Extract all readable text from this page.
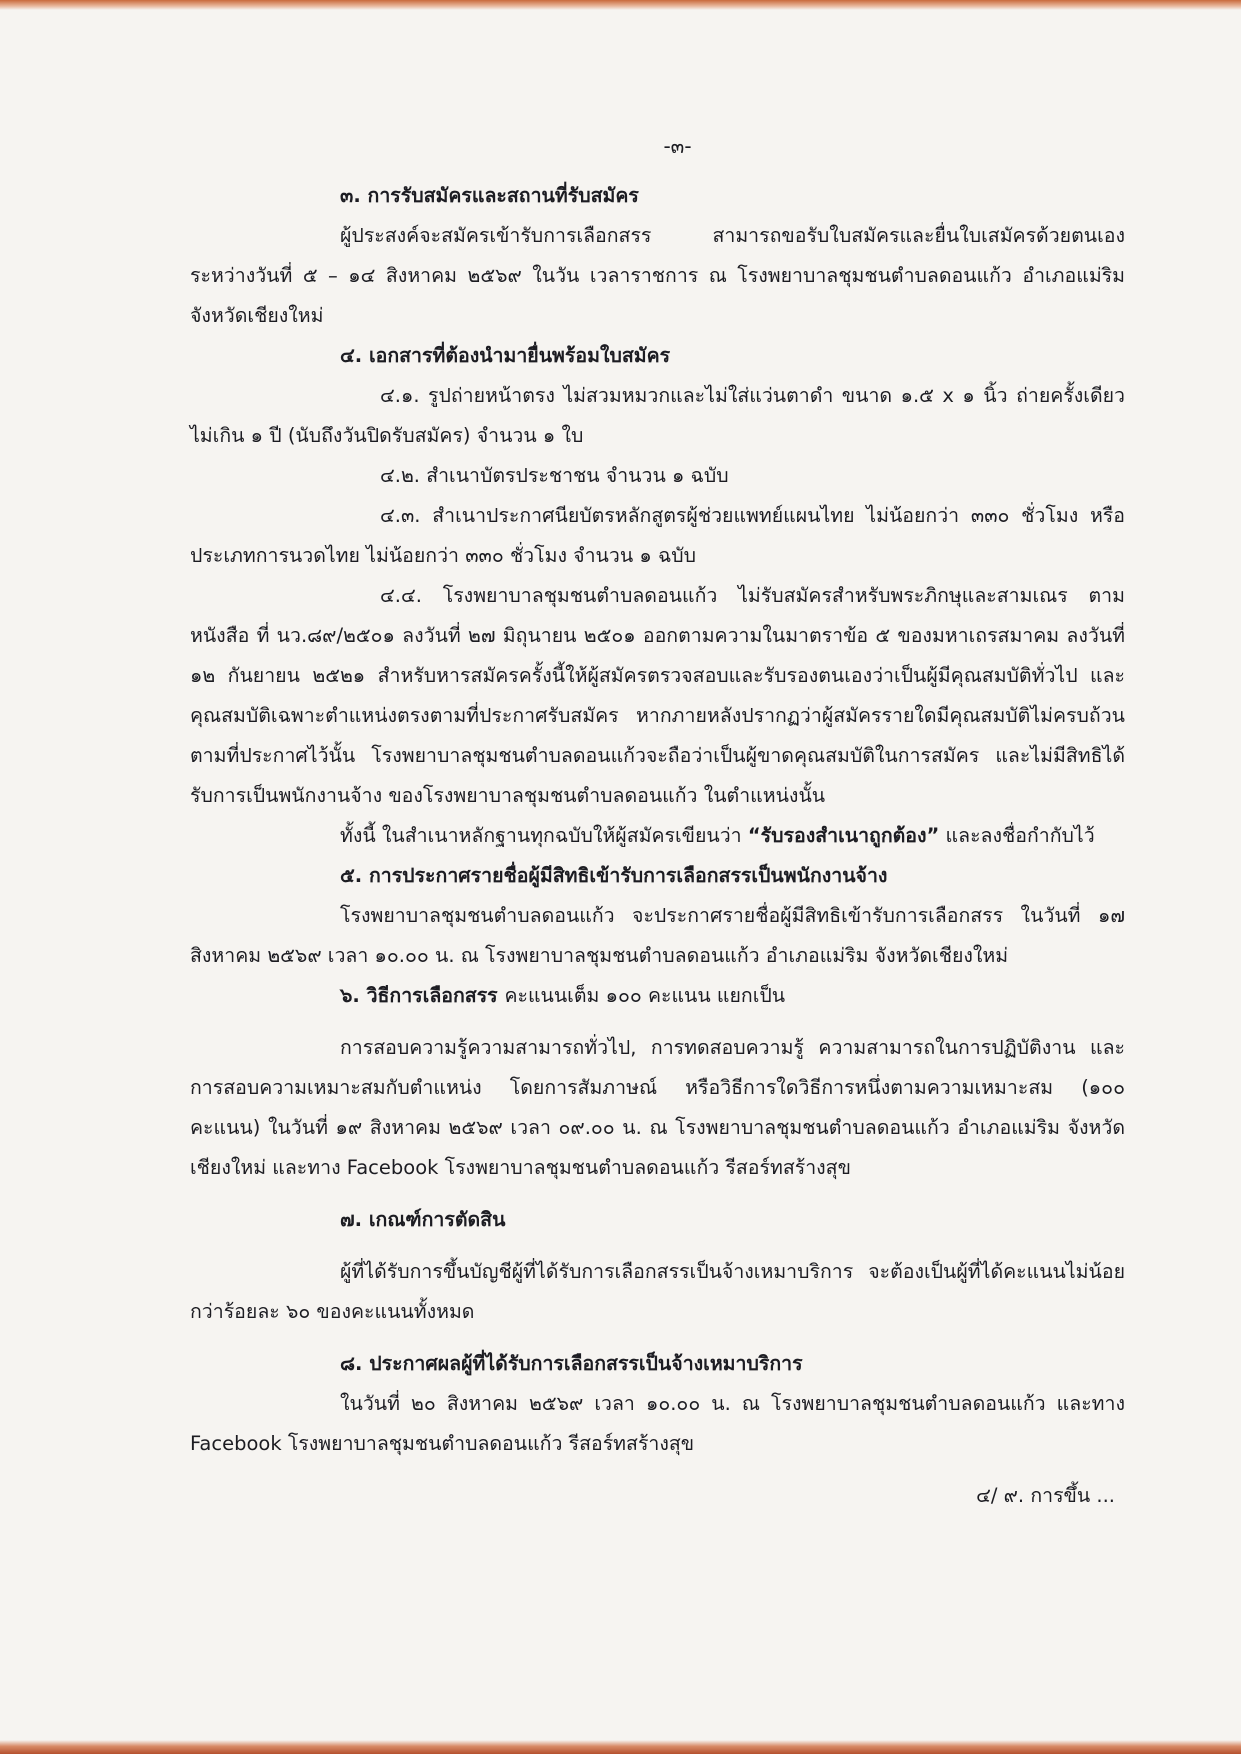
-๓-

๓. การรับสมัครและสถานที่รับสมัคร

ผู้ประสงค์จะสมัครเข้ารับการเลือกสรร สามารถขอรับใบสมัครและยื่นใบเสมัครด้วยตนเอง ระหว่างวันที่ ๕ – ๑๔ สิงหาคม ๒๕๖๙ ในวัน เวลาราชการ ณ โรงพยาบาลชุมชนตำบลดอนแก้ว อำเภอแม่ริม จังหวัดเชียงใหม่

๔. เอกสารที่ต้องนำมายื่นพร้อมใบสมัคร

๔.๑. รูปถ่ายหน้าตรง ไม่สวมหมวกและไม่ใส่แว่นตาดำ ขนาด ๑.๕ x ๑ นิ้ว ถ่ายครั้งเดียว ไม่เกิน ๑ ปี (นับถึงวันปิดรับสมัคร) จำนวน ๑ ใบ

๔.๒. สำเนาบัตรประชาชน จำนวน ๑ ฉบับ

๔.๓. สำเนาประกาศนียบัตรหลักสูตรผู้ช่วยแพทย์แผนไทย ไม่น้อยกว่า ๓๓๐ ชั่วโมง หรือประเภทการนวดไทย ไม่น้อยกว่า ๓๓๐ ชั่วโมง จำนวน ๑ ฉบับ

๔.๔. โรงพยาบาลชุมชนตำบลดอนแก้ว ไม่รับสมัครสำหรับพระภิกษุและสามเณร ตามหนังสือ ที่ นว.๘๙/๒๕๐๑ ลงวันที่ ๒๗ มิถุนายน ๒๕๐๑ ออกตามความในมาตราข้อ ๕ ของมหาเถรสมาคม ลงวันที่ ๑๒ กันยายน ๒๕๒๑ สำหรับหารสมัครครั้งนี้ให้ผู้สมัครตรวจสอบและรับรองตนเองว่าเป็นผู้มีคุณสมบัติทั่วไป และคุณสมบัติเฉพาะตำแหน่งตรงตามที่ประกาศรับสมัคร หากภายหลังปรากฏว่าผู้สมัครรายใดมีคุณสมบัติไม่ครบถ้วนตามที่ประกาศไว้นั้น โรงพยาบาลชุมชนตำบลดอนแก้วจะถือว่าเป็นผู้ขาดคุณสมบัติในการสมัคร และไม่มีสิทธิได้รับการเป็นพนักงานจ้าง ของโรงพยาบาลชุมชนตำบลดอนแก้ว ในตำแหน่งนั้น

ทั้งนี้ ในสำเนาหลักฐานทุกฉบับให้ผู้สมัครเขียนว่า “รับรองสำเนาถูกต้อง” และลงชื่อกำกับไว้

๕. การประกาศรายชื่อผู้มีสิทธิเข้ารับการเลือกสรรเป็นพนักงานจ้าง

โรงพยาบาลชุมชนตำบลดอนแก้ว จะประกาศรายชื่อผู้มีสิทธิเข้ารับการเลือกสรร ในวันที่ ๑๗ สิงหาคม ๒๕๖๙ เวลา ๑๐.๐๐ น. ณ โรงพยาบาลชุมชนตำบลดอนแก้ว อำเภอแม่ริม จังหวัดเชียงใหม่

๖. วิธีการเลือกสรร คะแนนเต็ม ๑๐๐ คะแนน แยกเป็น

การสอบความรู้ความสามารถทั่วไป, การทดสอบความรู้ ความสามารถในการปฏิบัติงาน และการสอบความเหมาะสมกับตำแหน่ง โดยการสัมภาษณ์ หรือวิธีการใดวิธีการหนึ่งตามความเหมาะสม (๑๐๐ คะแนน) ในวันที่ ๑๙ สิงหาคม ๒๕๖๙ เวลา ๐๙.๐๐ น. ณ โรงพยาบาลชุมชนตำบลดอนแก้ว อำเภอแม่ริม จังหวัดเชียงใหม่ และทาง Facebook โรงพยาบาลชุมชนตำบลดอนแก้ว รีสอร์ทสร้างสุข

๗. เกณฑ์การตัดสิน

ผู้ที่ได้รับการขึ้นบัญชีผู้ที่ได้รับการเลือกสรรเป็นจ้างเหมาบริการ จะต้องเป็นผู้ที่ได้คะแนนไม่น้อยกว่าร้อยละ ๖๐ ของคะแนนทั้งหมด

๘. ประกาศผลผู้ที่ได้รับการเลือกสรรเป็นจ้างเหมาบริการ

ในวันที่ ๒๐ สิงหาคม ๒๕๖๙ เวลา ๑๐.๐๐ น. ณ โรงพยาบาลชุมชนตำบลดอนแก้ว และทาง Facebook โรงพยาบาลชุมชนตำบลดอนแก้ว รีสอร์ทสร้างสุข

๔/ ๙. การขึ้น ...
